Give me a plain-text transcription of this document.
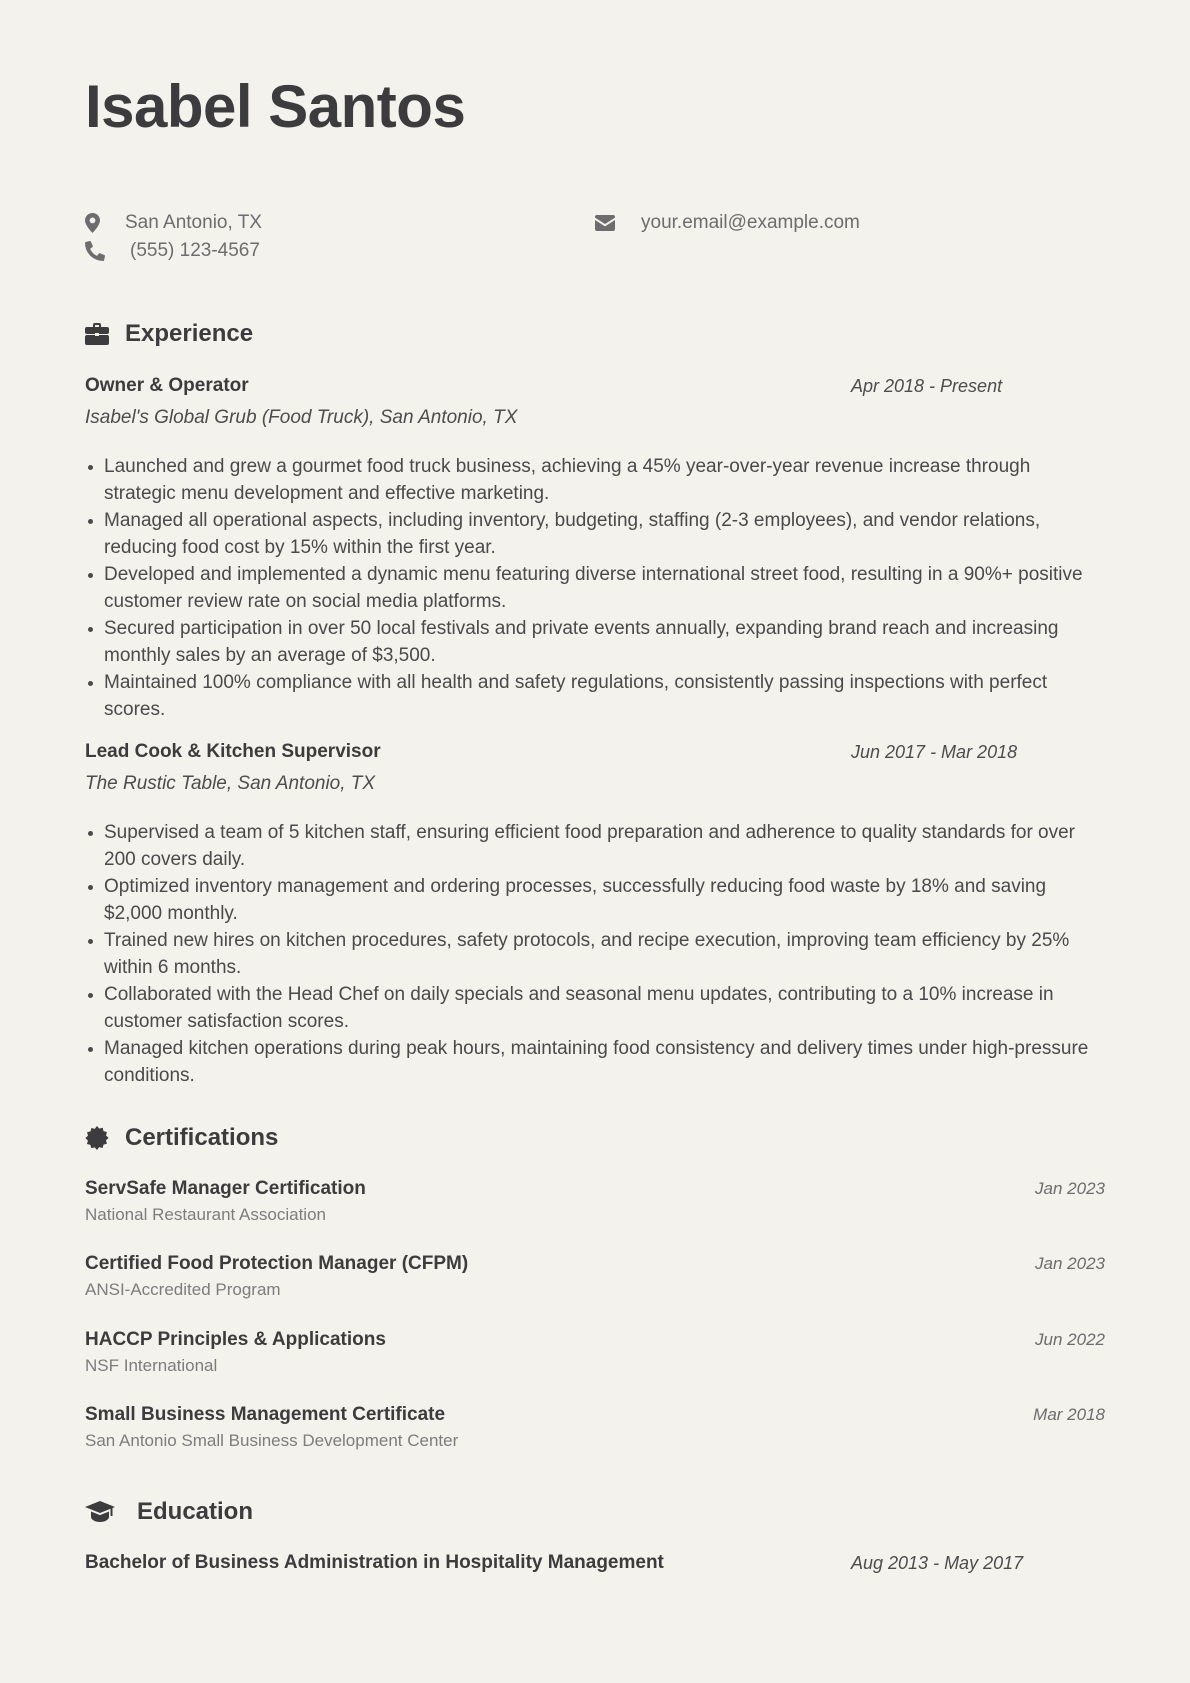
Isabel Santos
San Antonio, TX
(555) 123-4567
your.email@example.com
Experience
Owner & Operator	Apr 2018 - Present
Isabel's Global Grub (Food Truck), San Antonio, TX
Launched and grew a gourmet food truck business, achieving a 45% year-over-year revenue increase through strategic menu development and effective marketing.
Managed all operational aspects, including inventory, budgeting, staffing (2-3 employees), and vendor relations, reducing food cost by 15% within the first year.
Developed and implemented a dynamic menu featuring diverse international street food, resulting in a 90%+ positive customer review rate on social media platforms.
Secured participation in over 50 local festivals and private events annually, expanding brand reach and increasing monthly sales by an average of $3,500.
Maintained 100% compliance with all health and safety regulations, consistently passing inspections with perfect scores.
Lead Cook & Kitchen Supervisor	Jun 2017 - Mar 2018
The Rustic Table, San Antonio, TX
Supervised a team of 5 kitchen staff, ensuring efficient food preparation and adherence to quality standards for over 200 covers daily.
Optimized inventory management and ordering processes, successfully reducing food waste by 18% and saving $2,000 monthly.
Trained new hires on kitchen procedures, safety protocols, and recipe execution, improving team efficiency by 25% within 6 months.
Collaborated with the Head Chef on daily specials and seasonal menu updates, contributing to a 10% increase in customer satisfaction scores.
Managed kitchen operations during peak hours, maintaining food consistency and delivery times under high-pressure conditions.
Certifications
ServSafe Manager Certification
National Restaurant Association
Jan 2023
Certified Food Protection Manager (CFPM)
ANSI-Accredited Program
Jan 2023
HACCP Principles & Applications
NSF International
Jun 2022
Small Business Management Certificate
San Antonio Small Business Development Center
Mar 2018
Education
Bachelor of Business Administration in Hospitality Management	Aug 2013 - May 2017
